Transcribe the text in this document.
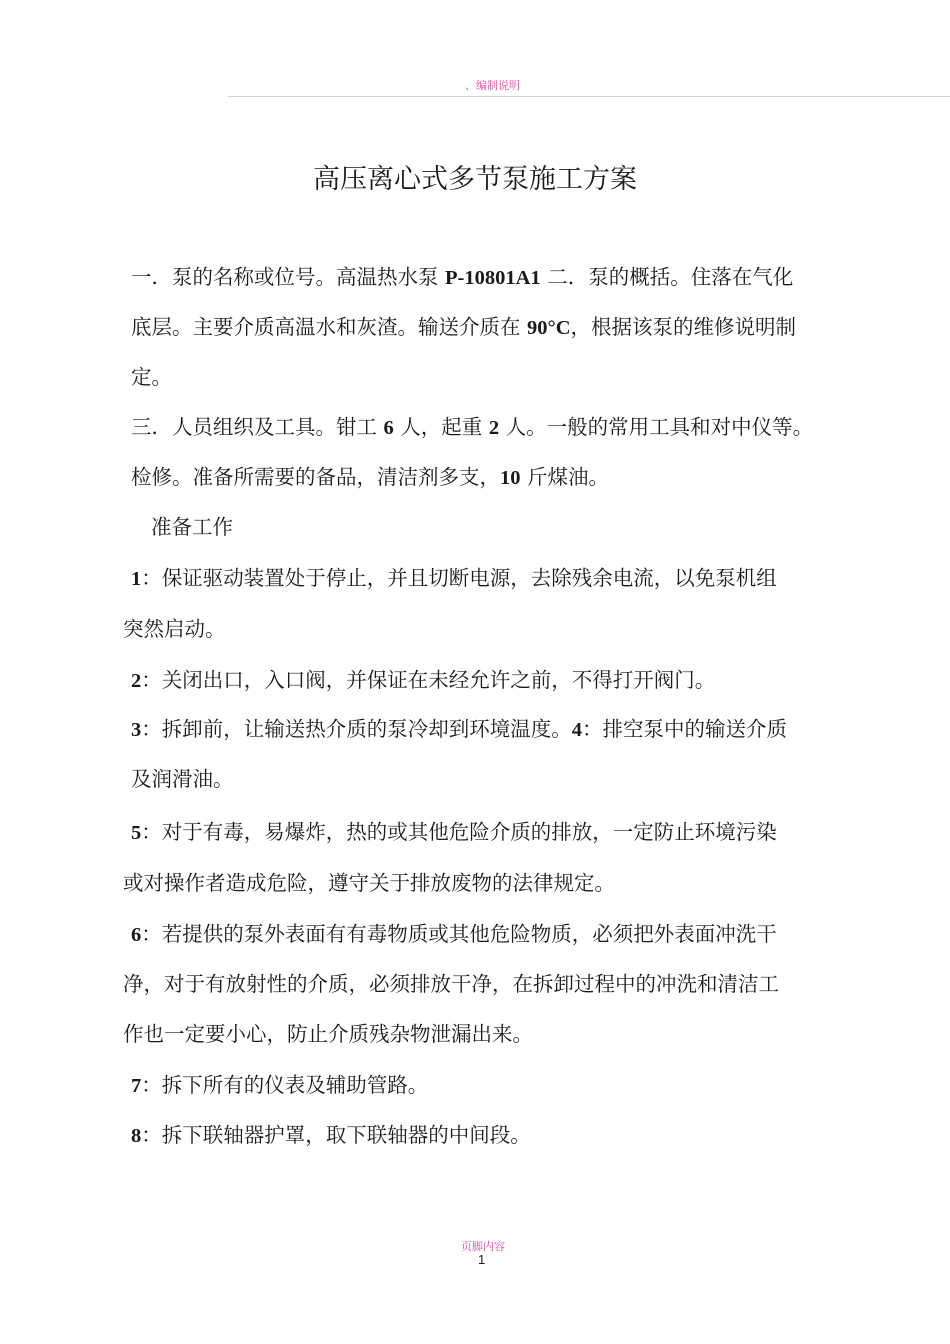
、编制说明
高压离心式多节泵施工方案
一．泵的名称或位号。高温热水泵 P-10801A1 二．泵的概括。住落在气化
底层。主要介质高温水和灰渣。输送介质在 90°C，根据该泵的维修说明制
定。
三．人员组织及工具。钳工 6 人，起重 2 人。一般的常用工具和对中仪等。
检修。准备所需要的备品，清洁剂多支，10 斤煤油。
准备工作
1：保证驱动装置处于停止，并且切断电源，去除残余电流，以免泵机组
突然启动。
2：关闭出口，入口阀，并保证在未经允许之前，不得打开阀门。
3：拆卸前，让输送热介质的泵冷却到环境温度。4：排空泵中的输送介质
及润滑油。
5：对于有毒，易爆炸，热的或其他危险介质的排放，一定防止环境污染
或对操作者造成危险，遵守关于排放废物的法律规定。
6：若提供的泵外表面有有毒物质或其他危险物质，必须把外表面冲洗干
净，对于有放射性的介质，必须排放干净，在拆卸过程中的冲洗和清洁工
作也一定要小心，防止介质残杂物泄漏出来。
7：拆下所有的仪表及辅助管路。
8：拆下联轴器护罩，取下联轴器的中间段。
页脚内容
1
